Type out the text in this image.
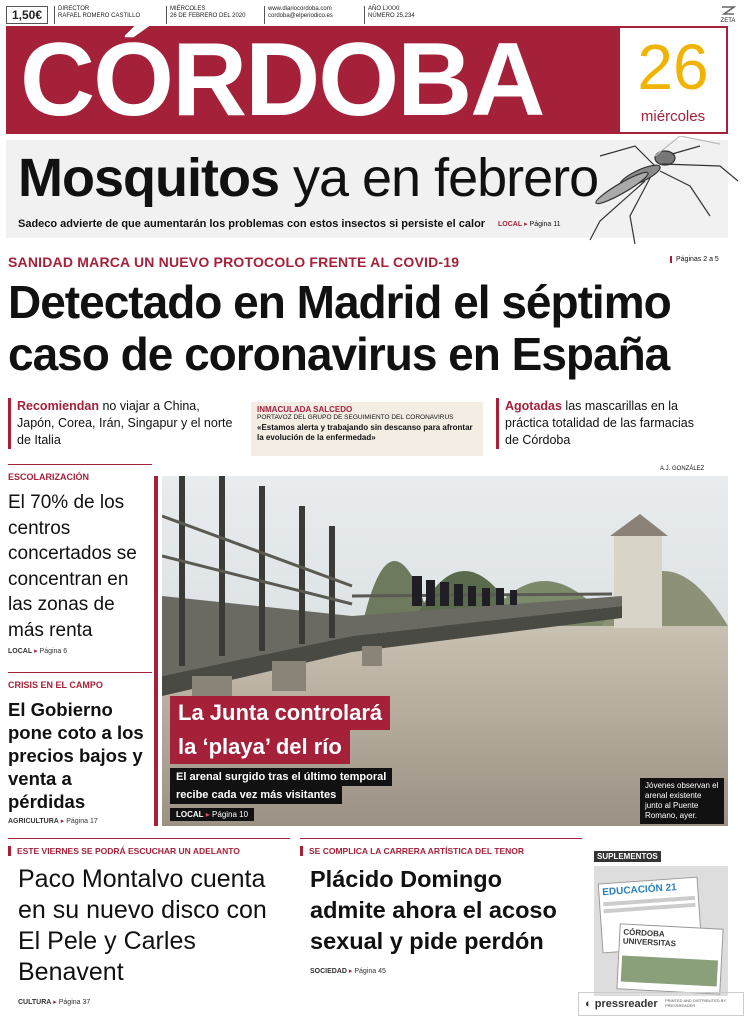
1,50€	DIRECTOR
RAFAEL ROMERO CASTILLO
MIÉRCOLES
26 DE FEBRERO DEL 2020
www.diariocordoba.com
cordoba@elperiodico.es
AÑO LXXXI
NÚMERO 25.234
ZETA
CÓRDOBA 26
miércoles
Mosquitos ya en febrero
Sadeco advierte de que aumentarán los problemas con estos insectos si persiste el calor LOCAL ▸ Página 11
SANIDAD MARCA UN NUEVO PROTOCOLO FRENTE AL COVID-19	Páginas 2 a 5
Detectado en Madrid el séptimo
caso de coronavirus en España
Recomiendan no viajar a China, Japón, Corea, Irán, Singapur y el norte de Italia
INMACULADA SALCEDO
PORTAVOZ DEL GRUPO DE SEGUIMIENTO DEL CORONAVIRUS
«Estamos alerta y trabajando sin descanso para afrontar la evolución de la enfermedad»
Agotadas las mascarillas en la práctica totalidad de las farmacias de Córdoba
ESCOLARIZACIÓN
El 70% de los centros concertados se concentran en las zonas de más renta
LOCAL ▸ Página 6
CRISIS EN EL CAMPO
El Gobierno pone coto a los precios bajos y venta a pérdidas
AGRICULTURA ▸ Página 17
A.J. GONZÁLEZ
La Junta controlará
la ‘playa’ del río
El arenal surgido tras el último temporal
recibe cada vez más visitantes
LOCAL ▸ Página 10
Jóvenes observan el arenal existente junto al Puente Romano, ayer.
ESTE VIERNES SE PODRÁ ESCUCHAR UN ADELANTO
Paco Montalvo cuenta en su nuevo disco con El Pele y Carles Benavent
CULTURA ▸ Página 37
SE COMPLICA LA CARRERA ARTÍSTICA DEL TENOR
Plácido Domingo admite ahora el acoso sexual y pide perdón
SOCIEDAD ▸ Página 45
SUPLEMENTOS
EDUCACIÓN 21
CÓRDOBA UNIVERSITAS
◐ pressreader PRINTED AND DISTRIBUTED BY PRESSREADER
